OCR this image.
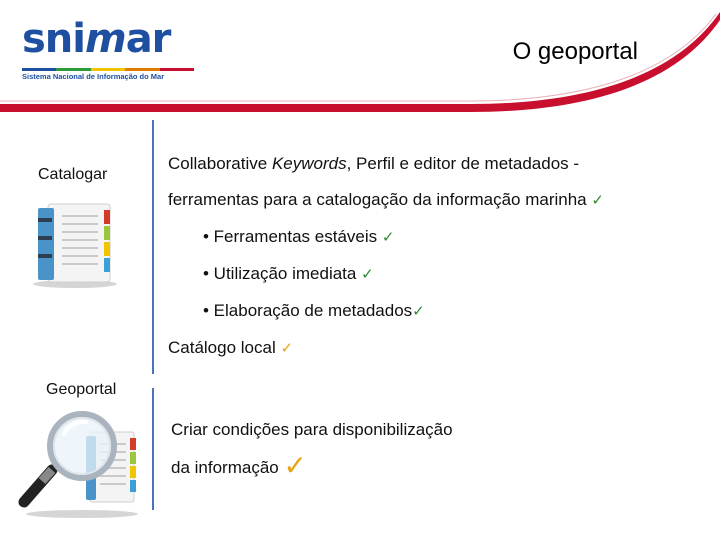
snimar
Sistema Nacional de Informação do Mar
O geoportal
Catalogar
Collaborative Keywords, Perfil e editor de metadados -
ferramentas para a catalogação da informação marinha ✓
• Ferramentas estáveis ✓
• Utilização imediata ✓
• Elaboração de metadados✓
Catálogo local ✓
Geoportal
Criar condições para disponibilização
da informação ✓
